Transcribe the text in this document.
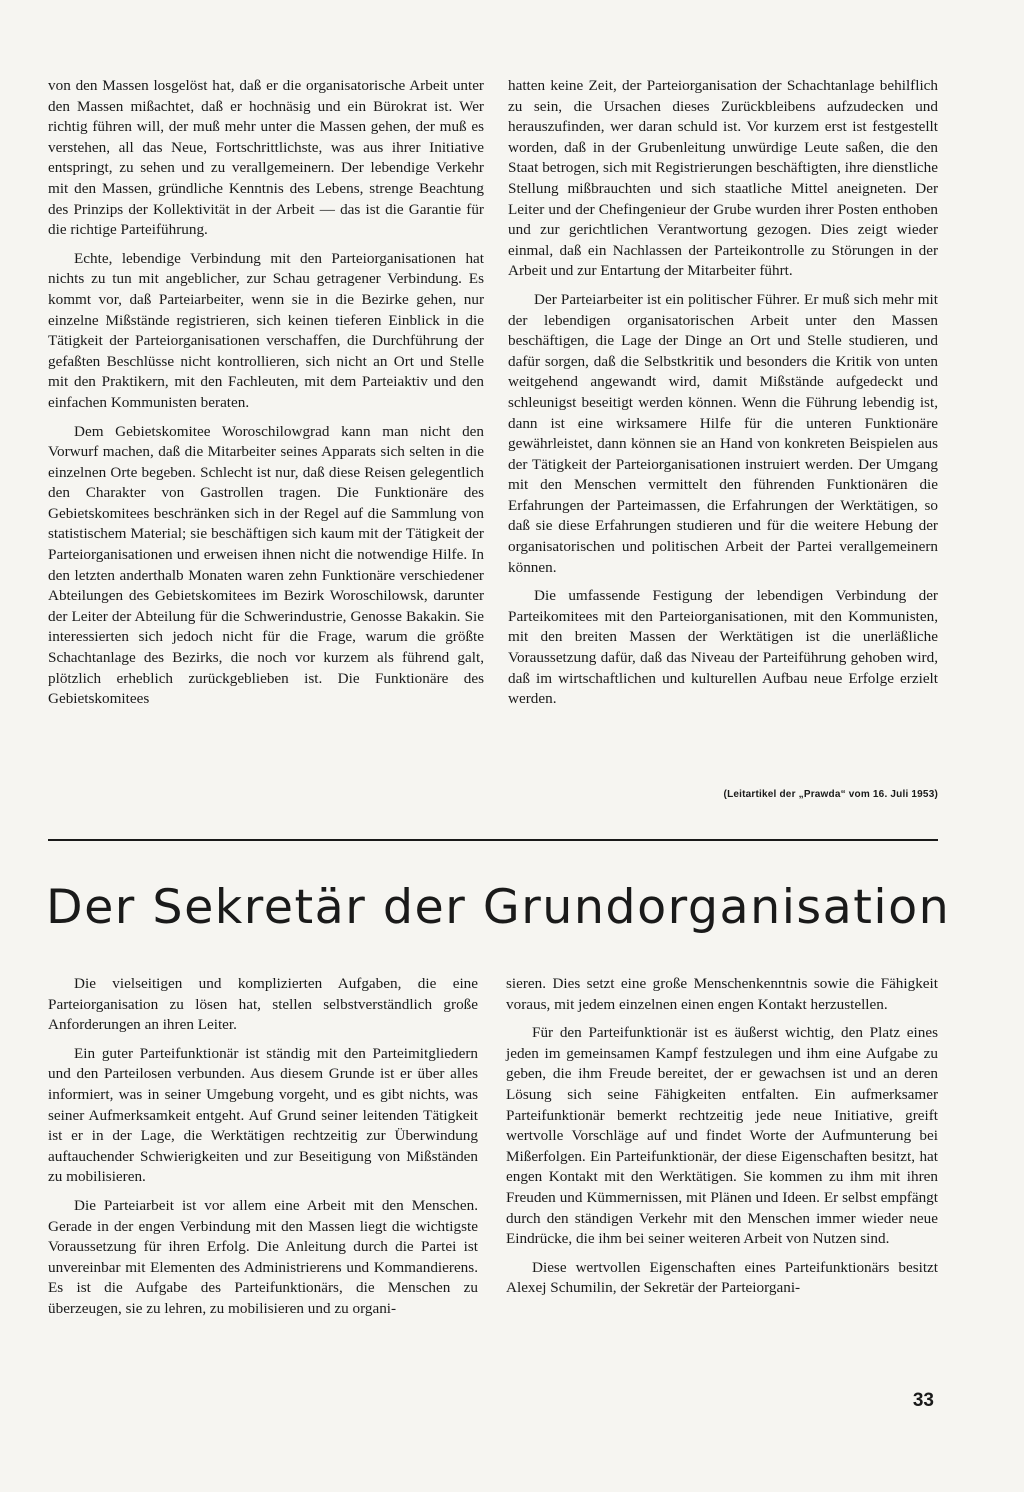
von den Massen losgelöst hat, daß er die organisatorische Arbeit unter den Massen mißachtet, daß er hochnäsig und ein Bürokrat ist. Wer richtig führen will, der muß mehr unter die Massen gehen, der muß es verstehen, all das Neue, Fortschrittlichste, was aus ihrer Initiative entspringt, zu sehen und zu verallgemeinern. Der lebendige Verkehr mit den Massen, gründliche Kenntnis des Lebens, strenge Beachtung des Prinzips der Kollektivität in der Arbeit — das ist die Garantie für die richtige Parteiführung.

Echte, lebendige Verbindung mit den Parteiorganisationen hat nichts zu tun mit angeblicher, zur Schau getragener Verbindung. Es kommt vor, daß Parteiarbeiter, wenn sie in die Bezirke gehen, nur einzelne Mißstände registrieren, sich keinen tieferen Einblick in die Tätigkeit der Parteiorganisationen verschaffen, die Durchführung der gefaßten Beschlüsse nicht kontrollieren, sich nicht an Ort und Stelle mit den Praktikern, mit den Fachleuten, mit dem Parteiaktiv und den einfachen Kommunisten beraten.

Dem Gebietskomitee Woroschilowgrad kann man nicht den Vorwurf machen, daß die Mitarbeiter seines Apparats sich selten in die einzelnen Orte begeben. Schlecht ist nur, daß diese Reisen gelegentlich den Charakter von Gastrollen tragen. Die Funktionäre des Gebietskomitees beschränken sich in der Regel auf die Sammlung von statistischem Material; sie beschäftigen sich kaum mit der Tätigkeit der Parteiorganisationen und erweisen ihnen nicht die notwendige Hilfe. In den letzten anderthalb Monaten waren zehn Funktionäre verschiedener Abteilungen des Gebietskomitees im Bezirk Woroschilowsk, darunter der Leiter der Abteilung für die Schwerindustrie, Genosse Bakakin. Sie interessierten sich jedoch nicht für die Frage, warum die größte Schachtanlage des Bezirks, die noch vor kurzem als führend galt, plötzlich erheblich zurückgeblieben ist. Die Funktionäre des Gebietskomitees

hatten keine Zeit, der Parteiorganisation der Schachtanlage behilflich zu sein, die Ursachen dieses Zurückbleibens aufzudecken und herauszufinden, wer daran schuld ist. Vor kurzem erst ist festgestellt worden, daß in der Grubenleitung unwürdige Leute saßen, die den Staat betrogen, sich mit Registrierungen beschäftigten, ihre dienstliche Stellung mißbrauchten und sich staatliche Mittel aneigneten. Der Leiter und der Chefingenieur der Grube wurden ihrer Posten enthoben und zur gerichtlichen Verantwortung gezogen. Dies zeigt wieder einmal, daß ein Nachlassen der Parteikontrolle zu Störungen in der Arbeit und zur Entartung der Mitarbeiter führt.

Der Parteiarbeiter ist ein politischer Führer. Er muß sich mehr mit der lebendigen organisatorischen Arbeit unter den Massen beschäftigen, die Lage der Dinge an Ort und Stelle studieren, und dafür sorgen, daß die Selbstkritik und besonders die Kritik von unten weitgehend angewandt wird, damit Mißstände aufgedeckt und schleunigst beseitigt werden können. Wenn die Führung lebendig ist, dann ist eine wirksamere Hilfe für die unteren Funktionäre gewährleistet, dann können sie an Hand von konkreten Beispielen aus der Tätigkeit der Parteiorganisationen instruiert werden. Der Umgang mit den Menschen vermittelt den führenden Funktionären die Erfahrungen der Parteimassen, die Erfahrungen der Werktätigen, so daß sie diese Erfahrungen studieren und für die weitere Hebung der organisatorischen und politischen Arbeit der Partei verallgemeinern können.

Die umfassende Festigung der lebendigen Verbindung der Parteikomitees mit den Parteiorganisationen, mit den Kommunisten, mit den breiten Massen der Werktätigen ist die unerläßliche Voraussetzung dafür, daß das Niveau der Parteiführung gehoben wird, daß im wirtschaftlichen und kulturellen Aufbau neue Erfolge erzielt werden.

(Leitartikel der „Prawda“ vom 16. Juli 1953)
Der Sekretär der Grundorganisation

Die vielseitigen und komplizierten Aufgaben, die eine Parteiorganisation zu lösen hat, stellen selbstverständlich große Anforderungen an ihren Leiter.

Ein guter Parteifunktionär ist ständig mit den Parteimitgliedern und den Parteilosen verbunden. Aus diesem Grunde ist er über alles informiert, was in seiner Umgebung vorgeht, und es gibt nichts, was seiner Aufmerksamkeit entgeht. Auf Grund seiner leitenden Tätigkeit ist er in der Lage, die Werktätigen rechtzeitig zur Überwindung auftauchender Schwierigkeiten und zur Beseitigung von Mißständen zu mobilisieren.

Die Parteiarbeit ist vor allem eine Arbeit mit den Menschen. Gerade in der engen Verbindung mit den Massen liegt die wichtigste Voraussetzung für ihren Erfolg. Die Anleitung durch die Partei ist unvereinbar mit Elementen des Administrierens und Kommandierens. Es ist die Aufgabe des Parteifunktionärs, die Menschen zu überzeugen, sie zu lehren, zu mobilisieren und zu organi-

sieren. Dies setzt eine große Menschenkenntnis sowie die Fähigkeit voraus, mit jedem einzelnen einen engen Kontakt herzustellen.

Für den Parteifunktionär ist es äußerst wichtig, den Platz eines jeden im gemeinsamen Kampf festzulegen und ihm eine Aufgabe zu geben, die ihm Freude bereitet, der er gewachsen ist und an deren Lösung sich seine Fähigkeiten entfalten. Ein aufmerksamer Parteifunktionär bemerkt rechtzeitig jede neue Initiative, greift wertvolle Vorschläge auf und findet Worte der Aufmunterung bei Mißerfolgen. Ein Parteifunktionär, der diese Eigenschaften besitzt, hat engen Kontakt mit den Werktätigen. Sie kommen zu ihm mit ihren Freuden und Kümmernissen, mit Plänen und Ideen. Er selbst empfängt durch den ständigen Verkehr mit den Menschen immer wieder neue Eindrücke, die ihm bei seiner weiteren Arbeit von Nutzen sind.

Diese wertvollen Eigenschaften eines Parteifunktionärs besitzt Alexej Schumilin, der Sekretär der Parteiorgani-

33
